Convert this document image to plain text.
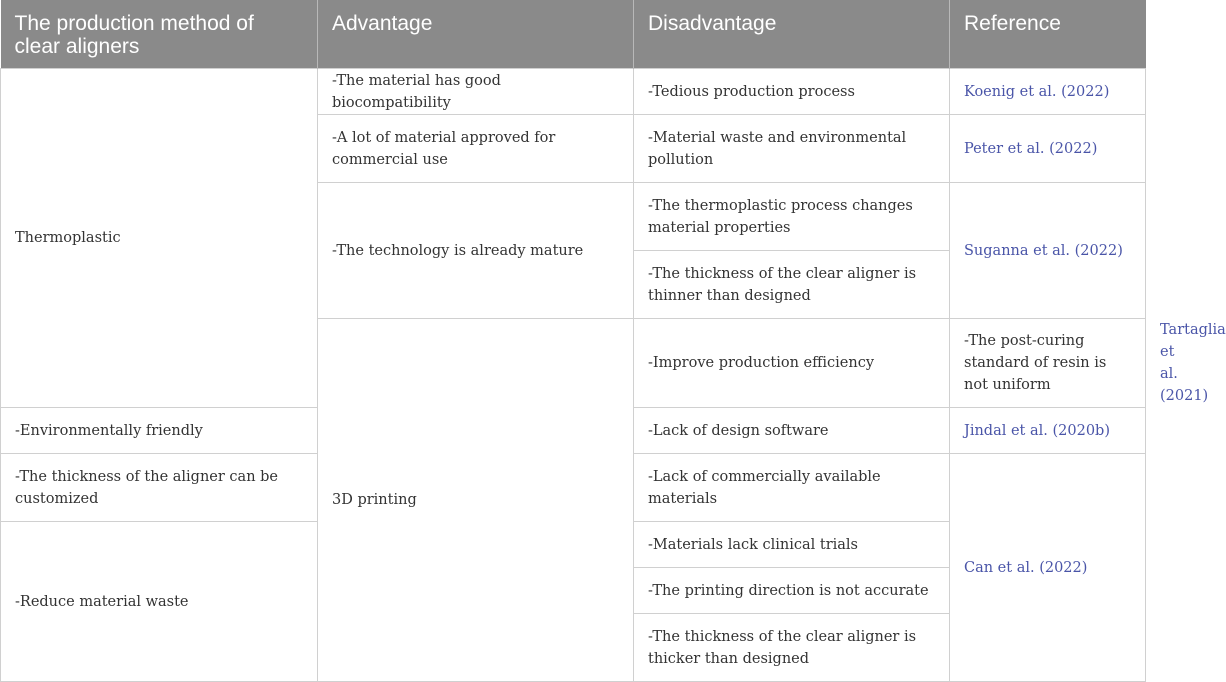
The production method of clear aligners	Advantage	Disadvantage	Reference	
Thermoplastic	-The material has good biocompatibility	-Tedious production process	Koenig et al. (2022)	
	-A lot of material approved for commercial use	-Material waste and environmental pollution	Peter et al. (2022)	
	-The technology is already mature	-The thermoplastic process changes material properties	Suganna et al. (2022)	
		-The thickness of the clear aligner is thinner than designed		
	3D printing	-Improve production efficiency	-The post-curing standard of resin is not uniform	Tartaglia et al. (2021)
-Environmentally friendly		-Lack of design software	Jindal et al. (2020b)	
-The thickness of the aligner can be customized		-Lack of commercially available materials	Can et al. (2022)	
-Reduce material waste		-Materials lack clinical trials		
		-The printing direction is not accurate		
		-The thickness of the clear aligner is thicker than designed		
